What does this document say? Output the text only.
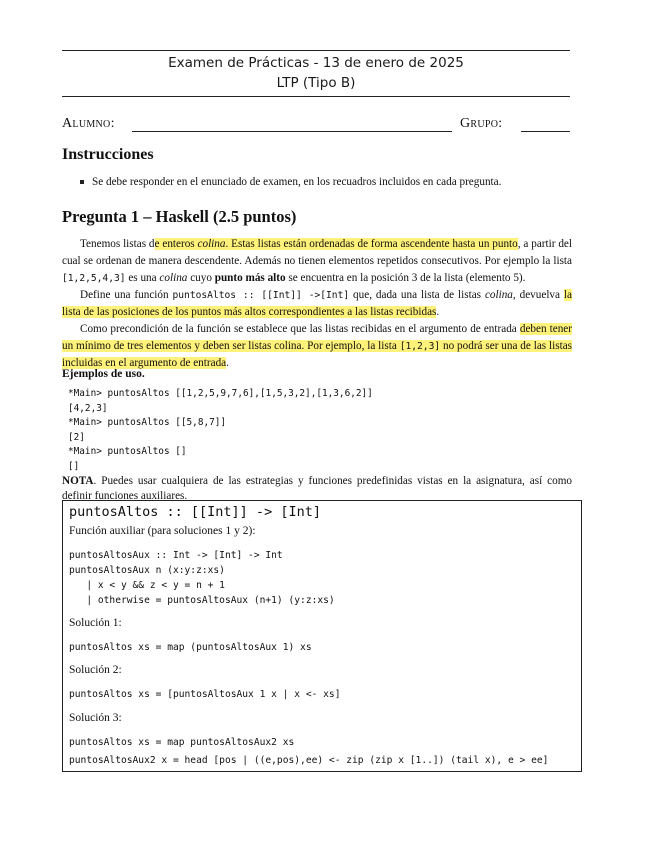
Examen de Prácticas - 13 de enero de 2025
LTP (Tipo B)
Alumno:	Grupo:
Instrucciones
Se debe responder en el enunciado de examen, en los recuadros incluidos en cada pregunta.
Pregunta 1 – Haskell (2.5 puntos)

Tenemos listas de enteros colina. Estas listas están ordenadas de forma ascendente hasta un punto, a partir del cual se ordenan de manera descendente. Además no tienen elementos repetidos consecutivos. Por ejemplo la lista [1,2,5,4,3] es una colina cuyo punto más alto se encuentra en la posición 3 de la lista (elemento 5).

Define una función puntosAltos :: [[Int]] ->[Int] que, dada una lista de listas colina, devuelva la lista de las posiciones de los puntos más altos correspondientes a las listas recibidas.

Como precondición de la función se establece que las listas recibidas en el argumento de entrada deben tener un mínimo de tres elementos y deben ser listas colina. Por ejemplo, la lista [1,2,3] no podrá ser una de las listas incluidas en el argumento de entrada.

Ejemplos de uso.
*Main> puntosAltos [[1,2,5,9,7,6],[1,5,3,2],[1,3,6,2]]
[4,2,3]
*Main> puntosAltos [[5,8,7]]
[2]
*Main> puntosAltos []
[]
NOTA. Puedes usar cualquiera de las estrategias y funciones predefinidas vistas en la asignatura, así como definir funciones auxiliares.
puntosAltos :: [[Int]] -> [Int]
Función auxiliar (para soluciones 1 y 2):
puntosAltosAux :: Int -> [Int] -> Int
puntosAltosAux n (x:y:z:xs)
| x < y && z < y = n + 1
| otherwise = puntosAltosAux (n+1) (y:z:xs)
Solución 1:
puntosAltos xs = map (puntosAltosAux 1) xs
Solución 2:
puntosAltos xs = [puntosAltosAux 1 x | x <- xs]
Solución 3:
puntosAltos xs = map puntosAltosAux2 xs
puntosAltosAux2 x = head [pos | ((e,pos),ee) <- zip (zip x [1..]) (tail x), e > ee]
